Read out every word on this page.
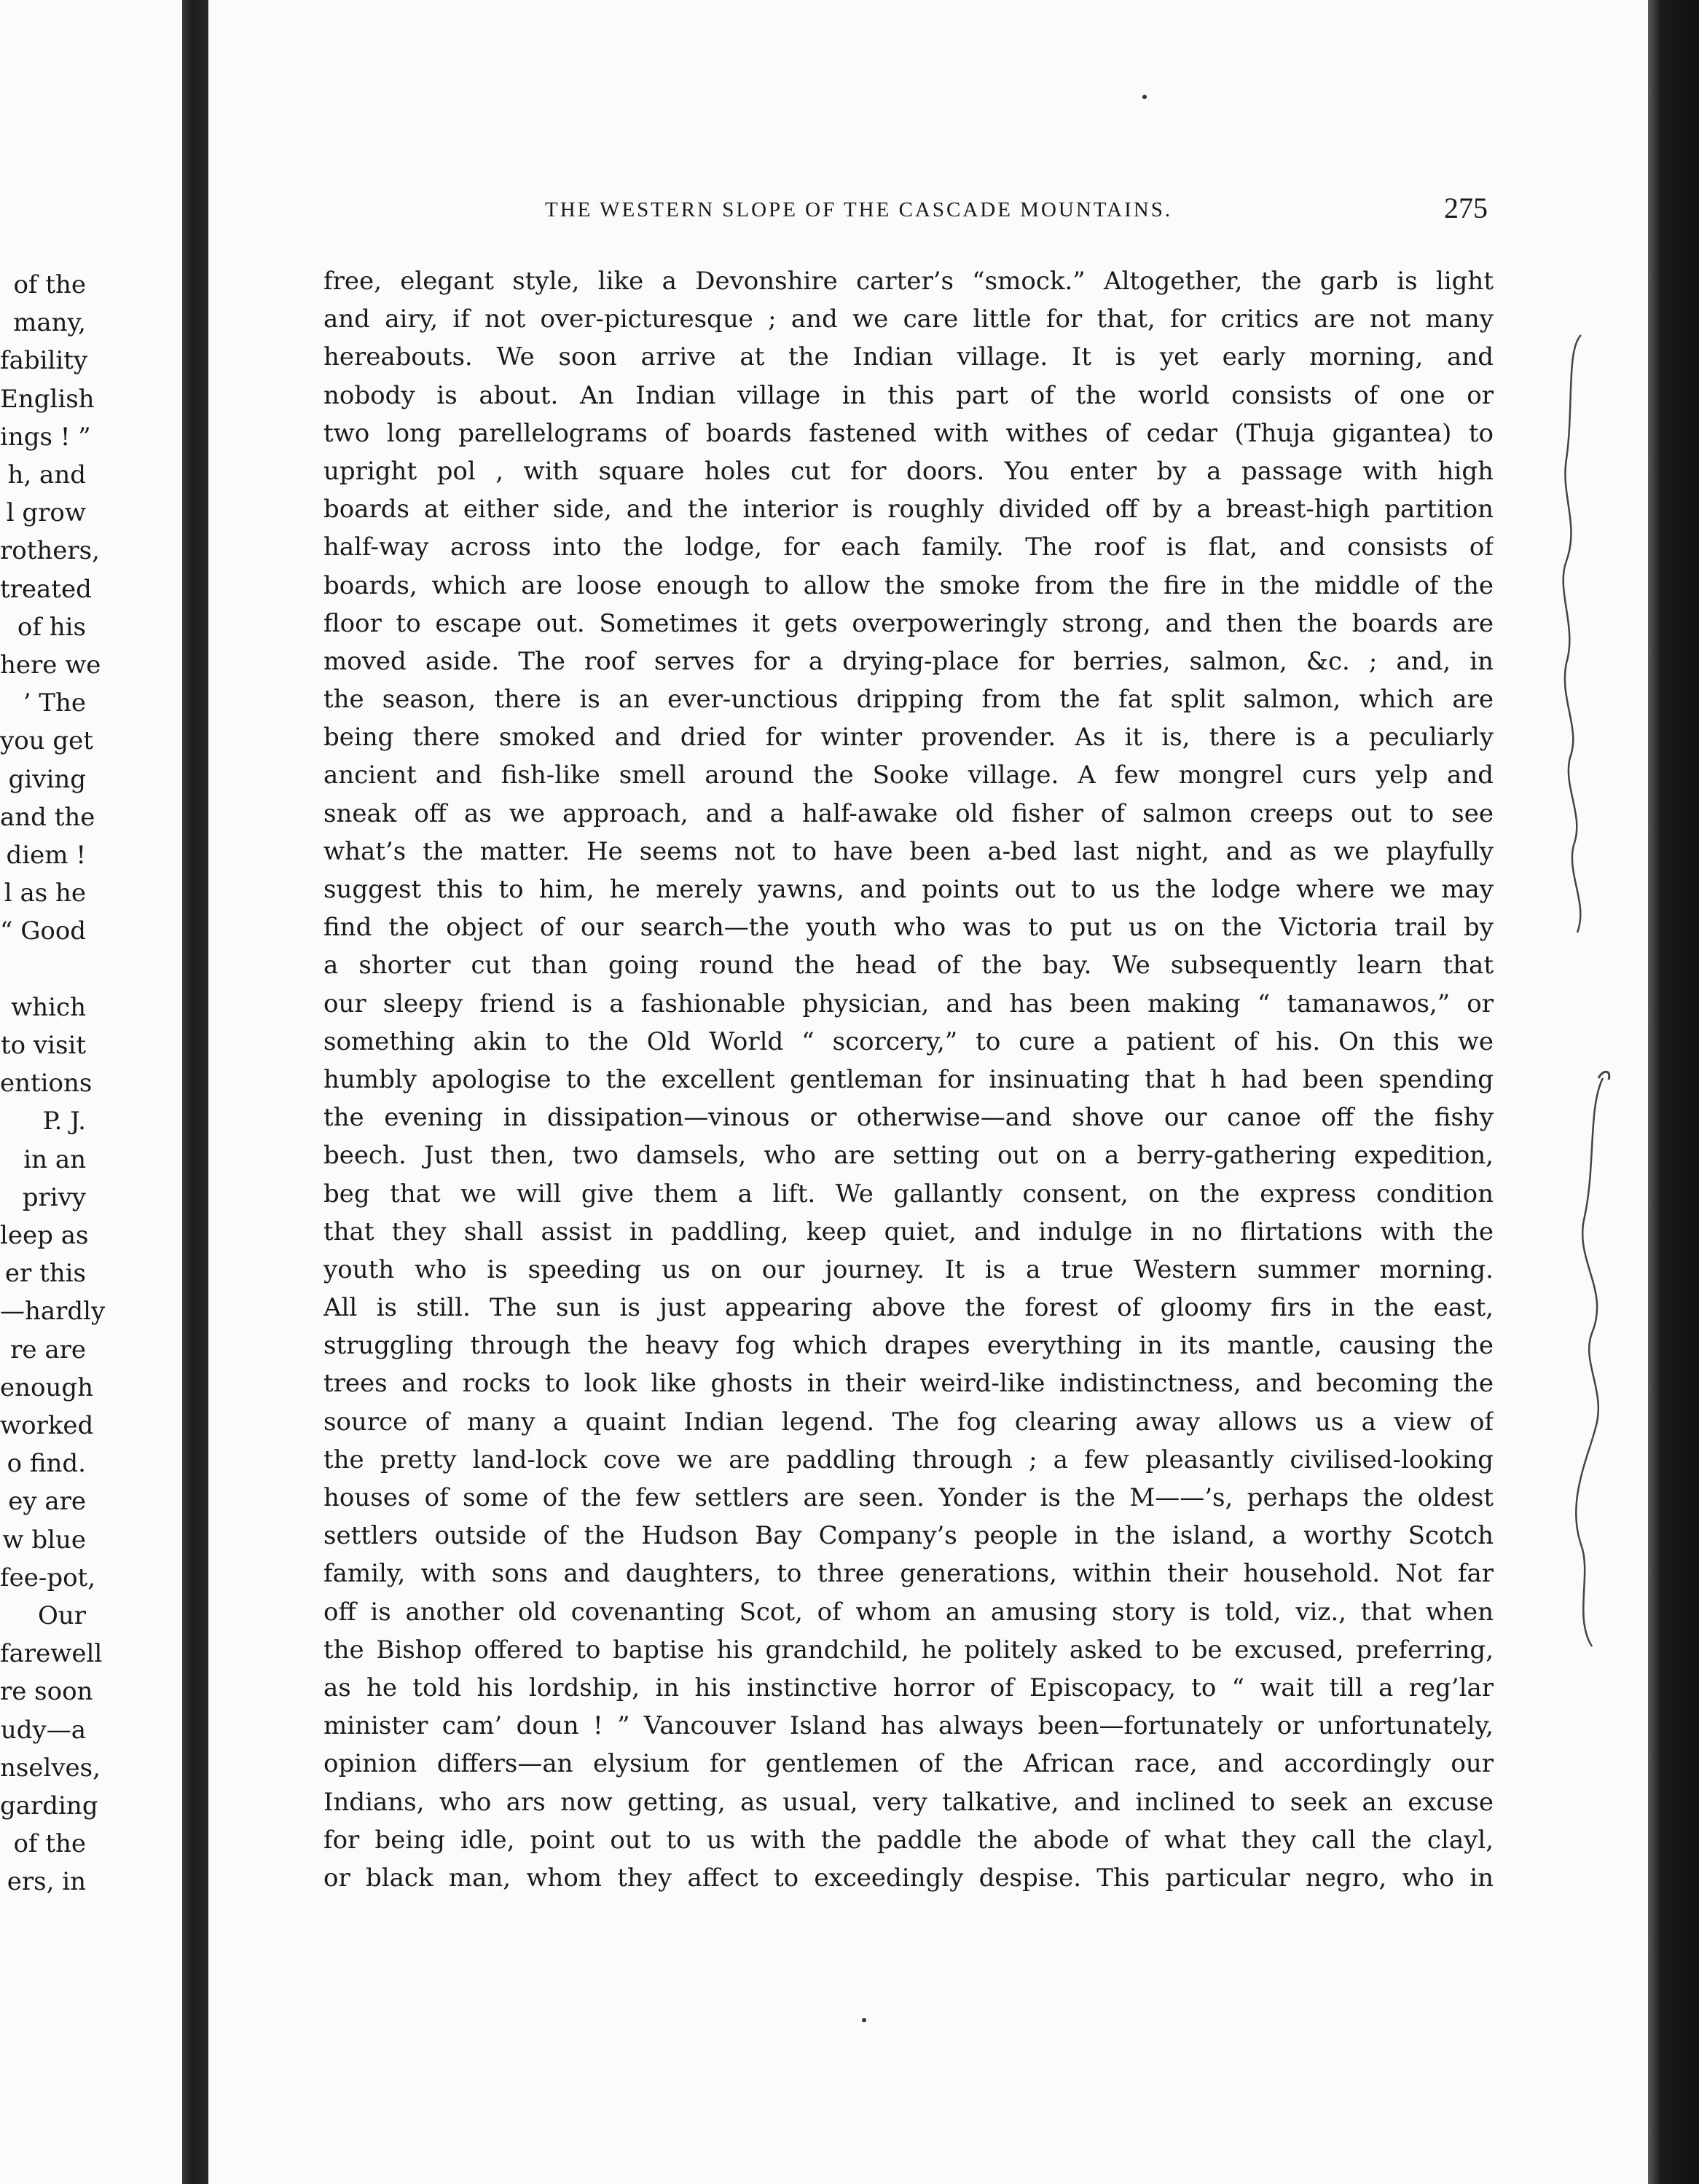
of the
many,
fability
English
ings ! ”
h, and
l grow
rothers,
treated
of his
here we
’ The
you get
giving
and the
diem !
l as he
“ Good
which
to visit
entions
P. J.
in an
privy
leep as
er this
—hardly
re are
enough
worked
o find.
ey are
w blue
fee-pot,
Our
farewell
re soon
udy—a
nselves,
garding
of the
ers, in
THE WESTERN SLOPE OF THE CASCADE MOUNTAINS.	275
free, elegant style, like a Devonshire carter’s “smock.” Altogether, the garb is light
and airy, if not over-picturesque ; and we care little for that, for critics are not many
hereabouts. We soon arrive at the Indian village. It is yet early morning, and
nobody is about. An Indian village in this part of the world consists of one or
two long parellelograms of boards fastened with withes of cedar (Thuja gigantea) to
upright pol , with square holes cut for doors. You enter by a passage with high
boards at either side, and the interior is roughly divided off by a breast-high partition
half-way across into the lodge, for each family. The roof is flat, and consists of
boards, which are loose enough to allow the smoke from the fire in the middle of the
floor to escape out. Sometimes it gets overpoweringly strong, and then the boards are
moved aside. The roof serves for a drying-place for berries, salmon, &c. ; and, in
the season, there is an ever-unctious dripping from the fat split salmon, which are
being there smoked and dried for winter provender. As it is, there is a peculiarly
ancient and fish-like smell around the Sooke village. A few mongrel curs yelp and
sneak off as we approach, and a half-awake old fisher of salmon creeps out to see
what’s the matter. He seems not to have been a-bed last night, and as we playfully
suggest this to him, he merely yawns, and points out to us the lodge where we may
find the object of our search—the youth who was to put us on the Victoria trail by
a shorter cut than going round the head of the bay. We subsequently learn that
our sleepy friend is a fashionable physician, and has been making “ tamanawos,” or
something akin to the Old World “ scorcery,” to cure a patient of his. On this we
humbly apologise to the excellent gentleman for insinuating that h had been spending
the evening in dissipation—vinous or otherwise—and shove our canoe off the fishy
beech. Just then, two damsels, who are setting out on a berry-gathering expedition,
beg that we will give them a lift. We gallantly consent, on the express condition
that they shall assist in paddling, keep quiet, and indulge in no flirtations with the
youth who is speeding us on our journey. It is a true Western summer morning.
All is still. The sun is just appearing above the forest of gloomy firs in the east,
struggling through the heavy fog which drapes everything in its mantle, causing the
trees and rocks to look like ghosts in their weird-like indistinctness, and becoming the
source of many a quaint Indian legend. The fog clearing away allows us a view of
the pretty land-lock cove we are paddling through ; a few pleasantly civilised-looking
houses of some of the few settlers are seen. Yonder is the M——’s, perhaps the oldest
settlers outside of the Hudson Bay Company’s people in the island, a worthy Scotch
family, with sons and daughters, to three generations, within their household. Not far
off is another old covenanting Scot, of whom an amusing story is told, viz., that when
the Bishop offered to baptise his grandchild, he politely asked to be excused, preferring,
as he told his lordship, in his instinctive horror of Episcopacy, to “ wait till a reg’lar
minister cam’ doun ! ” Vancouver Island has always been—fortunately or unfortunately,
opinion differs—an elysium for gentlemen of the African race, and accordingly our
Indians, who ars now getting, as usual, very talkative, and inclined to seek an excuse
for being idle, point out to us with the paddle the abode of what they call the clayl,
or black man, whom they affect to exceedingly despise. This particular negro, who in
